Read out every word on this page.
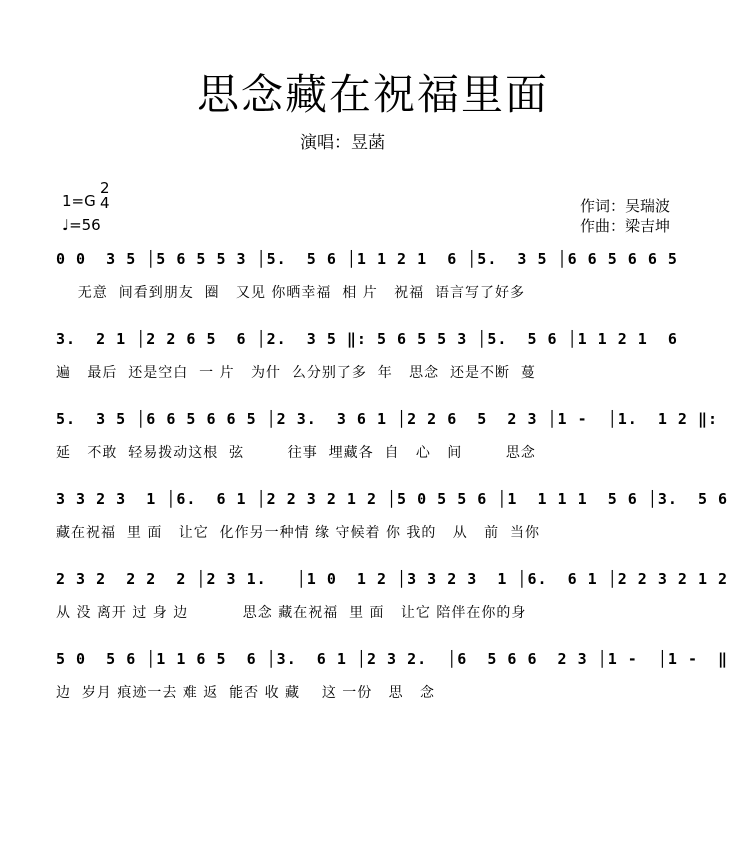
思念藏在祝福里面
演唱：昱菡
1=G
2
4
♩=56
作词：吴瑞波
作曲：梁吉坤
0 0  3 5 │5 6 5 5 3 │5.  5 6 │1 1 2 1  6 │5.  3 5 │6 6 5 6 6 5
无意  间看到朋友  圈   又见 你晒幸福  相 片   祝福  语言写了好多
3.  2 1 │2 2 6 5  6 │2.  3 5 ‖: 5 6 5 5 3 │5.  5 6 │1 1 2 1  6
遍   最后  还是空白  一 片   为什  么分别了多  年   思念  还是不断  蔓
5.  3 5 │6 6 5 6 6 5 │2 3.  3 6 1 │2 2 6  5  2 3 │1 -  │1.  1 2 ‖:
延   不敢  轻易拨动这根  弦        往事  埋藏各  自   心   间        思念
3 3 2 3  1 │6.  6 1 │2 2 3 2 1 2 │5 0 5 5 6 │1  1 1 1  5 6 │3.  5 6
藏在祝福  里 面   让它  化作另一种情 缘 守候着 你 我的   从   前  当你
2 3 2  2 2  2 │2 3 1.   │1 0  1 2 │3 3 2 3  1 │6.  6 1 │2 2 3 2 1 2
从 没 离开 过 身 边          思念 藏在祝福  里 面   让它 陪伴在你的身
5 0  5 6 │1 1 6 5  6 │3.  6 1 │2 3 2.  │6  5 6 6  2 3 │1 -  │1 -  ‖
边  岁月 痕迹一去 难 返  能否 收 藏    这 一份   思   念
